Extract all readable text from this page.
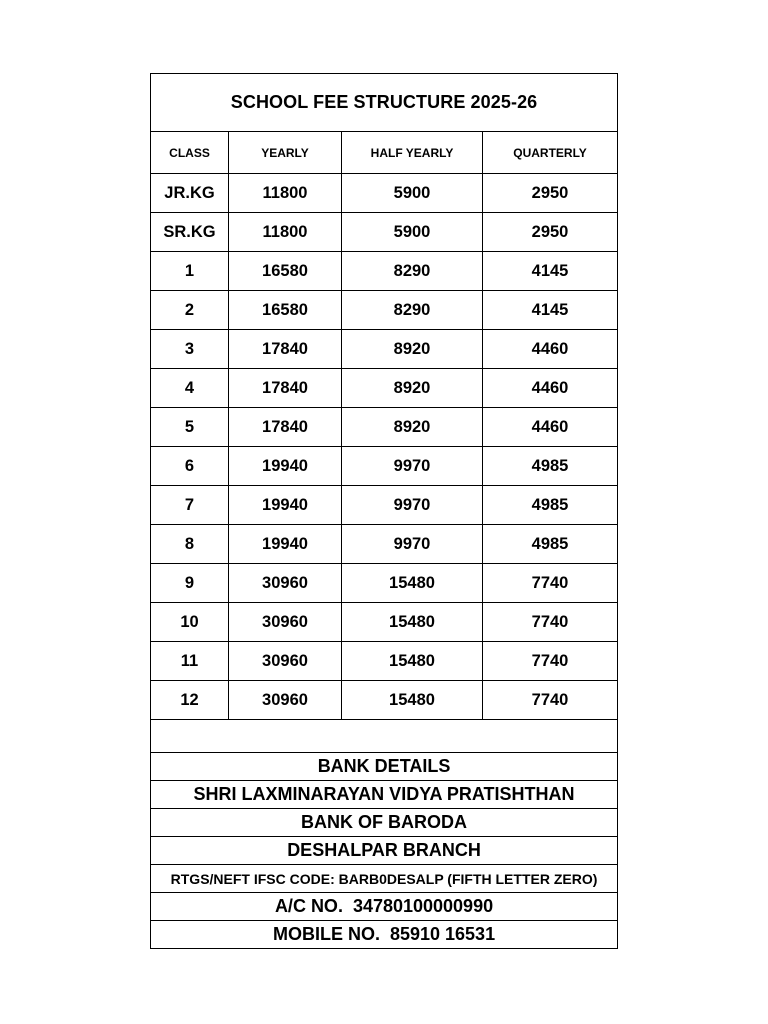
SCHOOL FEE STRUCTURE 2025-26			
CLASS	YEARLY	HALF YEARLY	QUARTERLY
JR.KG	11800	5900	2950
SR.KG	11800	5900	2950
1	16580	8290	4145
2	16580	8290	4145
3	17840	8920	4460
4	17840	8920	4460
5	17840	8920	4460
6	19940	9970	4985
7	19940	9970	4985
8	19940	9970	4985
9	30960	15480	7740
10	30960	15480	7740
11	30960	15480	7740
12	30960	15480	7740

BANK DETAILS			
SHRI LAXMINARAYAN VIDYA PRATISHTHAN			
BANK OF BARODA			
DESHALPAR BRANCH			
RTGS/NEFT IFSC CODE: BARB0DESALP (FIFTH LETTER ZERO)			
A/C NO.  34780100000990			
MOBILE NO.  85910 16531			
